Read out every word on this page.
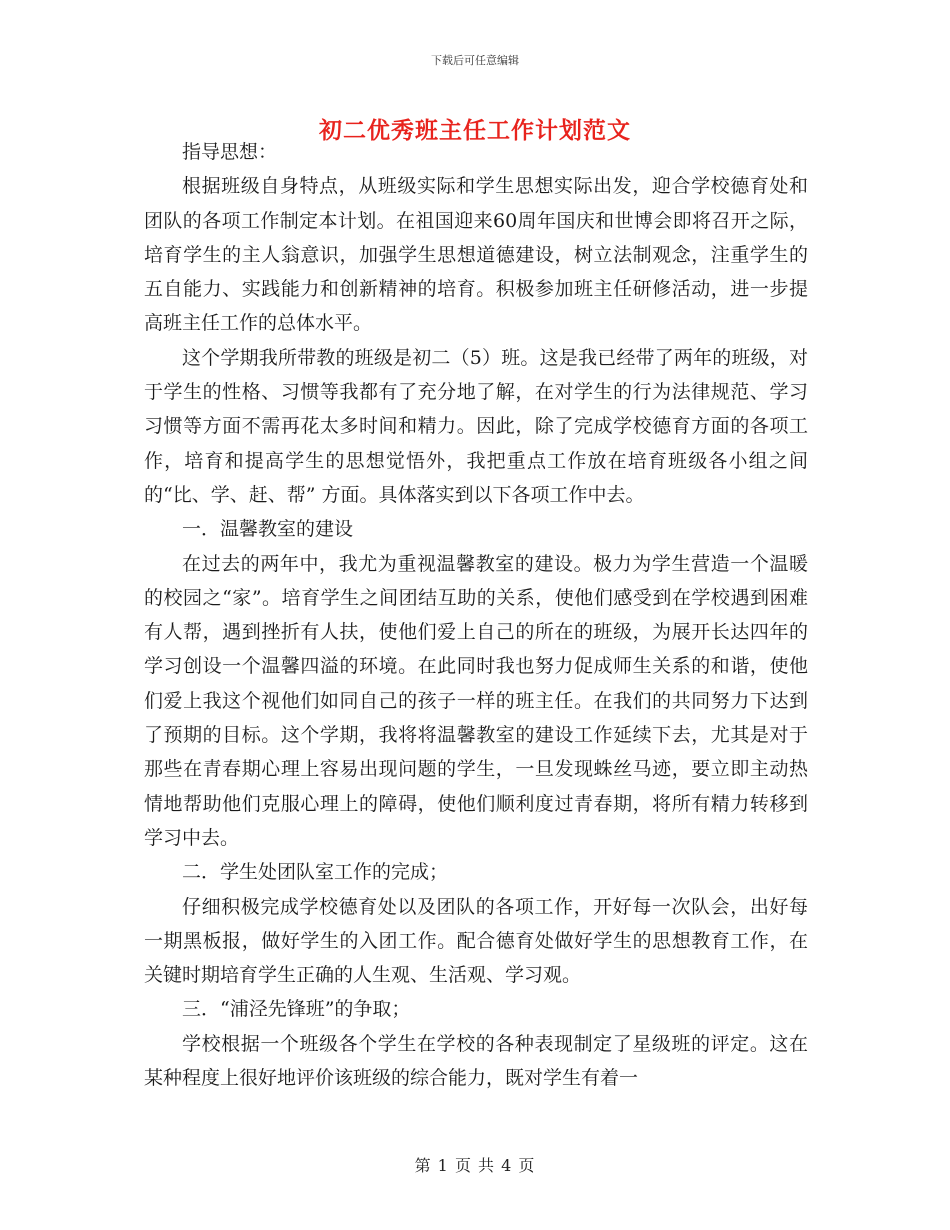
下载后可任意编辑
初二优秀班主任工作计划范文

指导思想：

根据班级自身特点，从班级实际和学生思想实际出发，迎合学校德育处和团队的各项工作制定本计划。在祖国迎来60周年国庆和世博会即将召开之际，培育学生的主人翁意识，加强学生思想道德建设，树立法制观念，注重学生的五自能力、实践能力和创新精神的培育。积极参加班主任研修活动，进一步提高班主任工作的总体水平。

这个学期我所带教的班级是初二（5）班。这是我已经带了两年的班级，对于学生的性格、习惯等我都有了充分地了解，在对学生的行为法律规范、学习习惯等方面不需再花太多时间和精力。因此，除了完成学校德育方面的各项工作，培育和提高学生的思想觉悟外，我把重点工作放在培育班级各小组之间的“比、学、赶、帮” 方面。具体落实到以下各项工作中去。

一．温馨教室的建设

在过去的两年中，我尤为重视温馨教室的建设。极力为学生营造一个温暖的校园之“家”。培育学生之间团结互助的关系，使他们感受到在学校遇到困难有人帮，遇到挫折有人扶，使他们爱上自己的所在的班级，为展开长达四年的学习创设一个温馨四溢的环境。在此同时我也努力促成师生关系的和谐，使他们爱上我这个视他们如同自己的孩子一样的班主任。在我们的共同努力下达到了预期的目标。这个学期，我将将温馨教室的建设工作延续下去，尤其是对于那些在青春期心理上容易出现问题的学生，一旦发现蛛丝马迹，要立即主动热情地帮助他们克服心理上的障碍，使他们顺利度过青春期，将所有精力转移到学习中去。

二．学生处团队室工作的完成；

仔细积极完成学校德育处以及团队的各项工作，开好每一次队会，出好每一期黑板报，做好学生的入团工作。配合德育处做好学生的思想教育工作，在关键时期培育学生正确的人生观、生活观、学习观。

三．“浦泾先锋班”的争取；

学校根据一个班级各个学生在学校的各种表现制定了星级班的评定。这在某种程度上很好地评价该班级的综合能力，既对学生有着一

第 1 页 共 4 页
